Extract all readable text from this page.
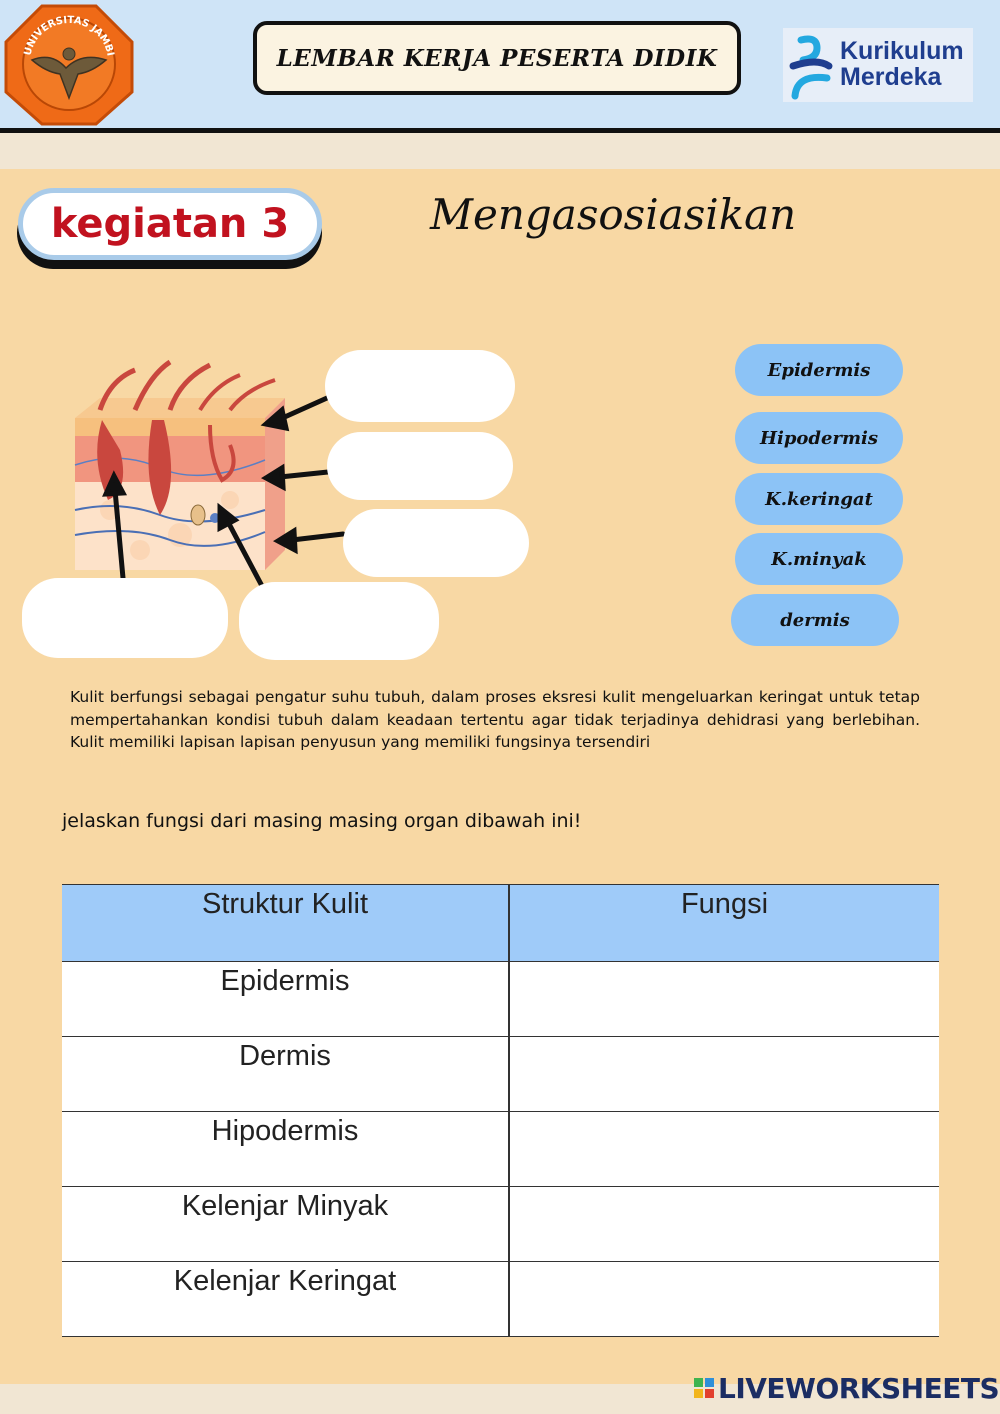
UNIVERSITAS JAMBI	LEMBAR KERJA PESERTA DIDIK	Kurikulum
Merdeka
kegiatan 3	Mengasosiasikan
Epidermis
Hipodermis
K.keringat
K.minyak
dermis
Kulit berfungsi sebagai pengatur suhu tubuh, dalam proses eksresi kulit mengeluarkan keringat untuk tetap mempertahankan kondisi tubuh dalam keadaan tertentu agar tidak terjadinya dehidrasi yang berlebihan. Kulit memiliki lapisan lapisan penyusun yang memiliki fungsinya tersendiri
jelaskan fungsi dari masing masing organ dibawah ini!
Struktur Kulit	Fungsi
Epidermis	
Dermis	
Hipodermis	
Kelenjar Minyak	
Kelenjar Keringat	
LIVEWORKSHEETS
